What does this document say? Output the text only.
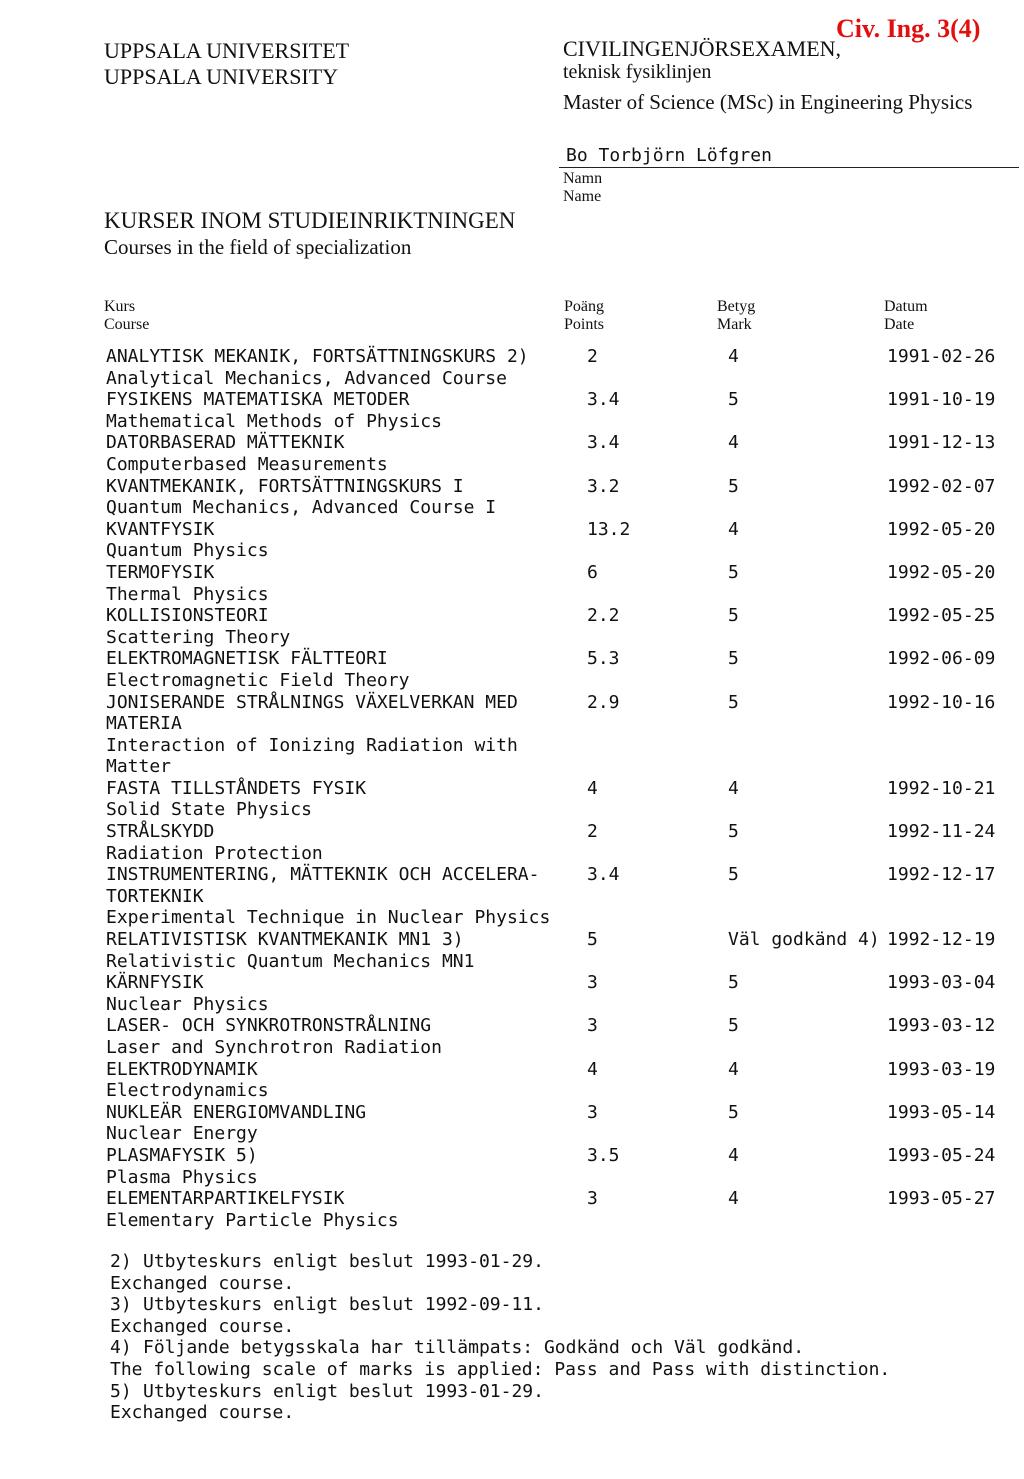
UPPSALA UNIVERSITET
UPPSALA UNIVERSITY
CIVILINGENJÖRSEXAMEN,
teknisk fysiklinjen
Master of Science (MSc) in Engineering Physics
Civ. Ing. 3(4)
Bo Torbjörn Löfgren
Namn
Name
KURSER INOM STUDIEINRIKTNINGEN
Courses in the field of specialization
Kurs
Course
Poäng
Points
Betyg
Mark
Datum
Date
ANALYTISK MEKANIK, FORTSÄTTNINGSKURS 2)
Analytical Mechanics, Advanced Course
2	4	1991-02-26
FYSIKENS MATEMATISKA METODER
Mathematical Methods of Physics
3.4	5	1991-10-19
DATORBASERAD MÄTTEKNIK
Computerbased Measurements
3.4	4	1991-12-13
KVANTMEKANIK, FORTSÄTTNINGSKURS I
Quantum Mechanics, Advanced Course I
3.2	5	1992-02-07
KVANTFYSIK
Quantum Physics
13.2	4	1992-05-20
TERMOFYSIK
Thermal Physics
6	5	1992-05-20
KOLLISIONSTEORI
Scattering Theory
2.2	5	1992-05-25
ELEKTROMAGNETISK FÄLTTEORI
Electromagnetic Field Theory
5.3	5	1992-06-09
JONISERANDE STRÅLNINGS VÄXELVERKAN MED
MATERIA
Interaction of Ionizing Radiation with
Matter
2.9	5	1992-10-16
FASTA TILLSTÅNDETS FYSIK
Solid State Physics
4	4	1992-10-21
STRÅLSKYDD
Radiation Protection
2	5	1992-11-24
INSTRUMENTERING, MÄTTEKNIK OCH ACCELERA-
TORTEKNIK
Experimental Technique in Nuclear Physics
3.4	5	1992-12-17
RELATIVISTISK KVANTMEKANIK MN1 3)
Relativistic Quantum Mechanics MN1
5	Väl godkänd 4) 1992-12-19
KÄRNFYSIK
Nuclear Physics
3	5	1993-03-04
LASER- OCH SYNKROTRONSTRÅLNING
Laser and Synchrotron Radiation
3	5	1993-03-12
ELEKTRODYNAMIK
Electrodynamics
4	4	1993-03-19
NUKLEÄR ENERGIOMVANDLING
Nuclear Energy
3	5	1993-05-14
PLASMAFYSIK 5)
Plasma Physics
3.5	4	1993-05-24
ELEMENTARPARTIKELFYSIK
Elementary Particle Physics
3	4	1993-05-27
2) Utbyteskurs enligt beslut 1993-01-29.
Exchanged course.
3) Utbyteskurs enligt beslut 1992-09-11.
Exchanged course.
4) Följande betygsskala har tillämpats: Godkänd och Väl godkänd.
The following scale of marks is applied: Pass and Pass with distinction.
5) Utbyteskurs enligt beslut 1993-01-29.
Exchanged course.
